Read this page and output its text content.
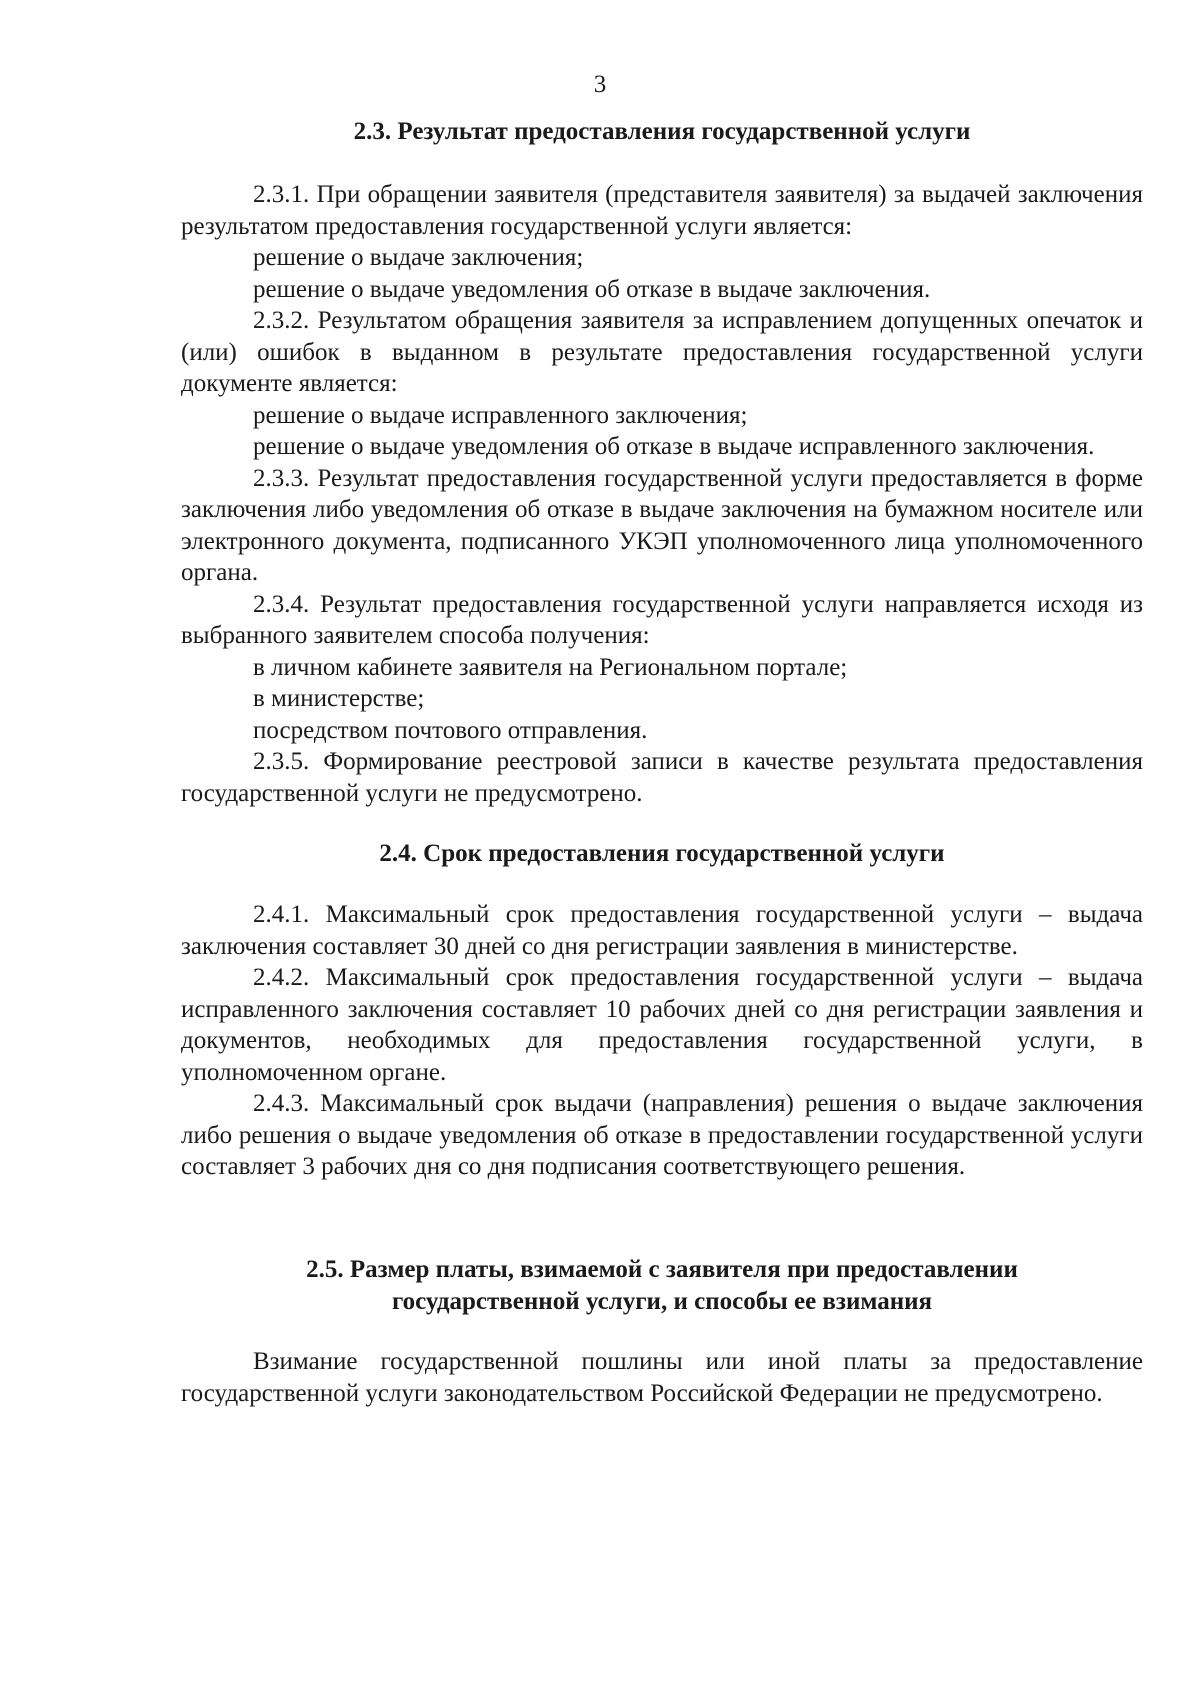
3

2.3. Результат предоставления государственной услуги

2.3.1. При обращении заявителя (представителя заявителя) за выдачей заключения результатом предоставления государственной услуги является:

решение о выдаче заключения;

решение о выдаче уведомления об отказе в выдаче заключения.

2.3.2. Результатом обращения заявителя за исправлением допущенных опечаток и (или) ошибок в выданном в результате предоставления государственной услуги документе является:

решение о выдаче исправленного заключения;

решение о выдаче уведомления об отказе в выдаче исправленного заключения.

2.3.3. Результат предоставления государственной услуги предоставляется в форме заключения либо уведомления об отказе в выдаче заключения на бумажном носителе или электронного документа, подписанного УКЭП уполномоченного лица уполномоченного органа.

2.3.4. Результат предоставления государственной услуги направляется исходя из выбранного заявителем способа получения:

в личном кабинете заявителя на Региональном портале;

в министерстве;

посредством почтового отправления.

2.3.5. Формирование реестровой записи в качестве результата предоставления государственной услуги не предусмотрено.

2.4. Срок предоставления государственной услуги

2.4.1. Максимальный срок предоставления государственной услуги – выдача заключения составляет 30 дней со дня регистрации заявления в министерстве.

2.4.2. Максимальный срок предоставления государственной услуги – выдача исправленного заключения составляет 10 рабочих дней со дня регистрации заявления и документов, необходимых для предоставления государственной услуги, в уполномоченном органе.

2.4.3. Максимальный срок выдачи (направления) решения о выдаче заключения либо решения о выдаче уведомления об отказе в предоставлении государственной услуги составляет 3 рабочих дня со дня подписания соответствующего решения.

2.5. Размер платы, взимаемой с заявителя при предоставлении

государственной услуги, и способы ее взимания

Взимание государственной пошлины или иной платы за предоставление государственной услуги законодательством Российской Федерации не предусмотрено.
